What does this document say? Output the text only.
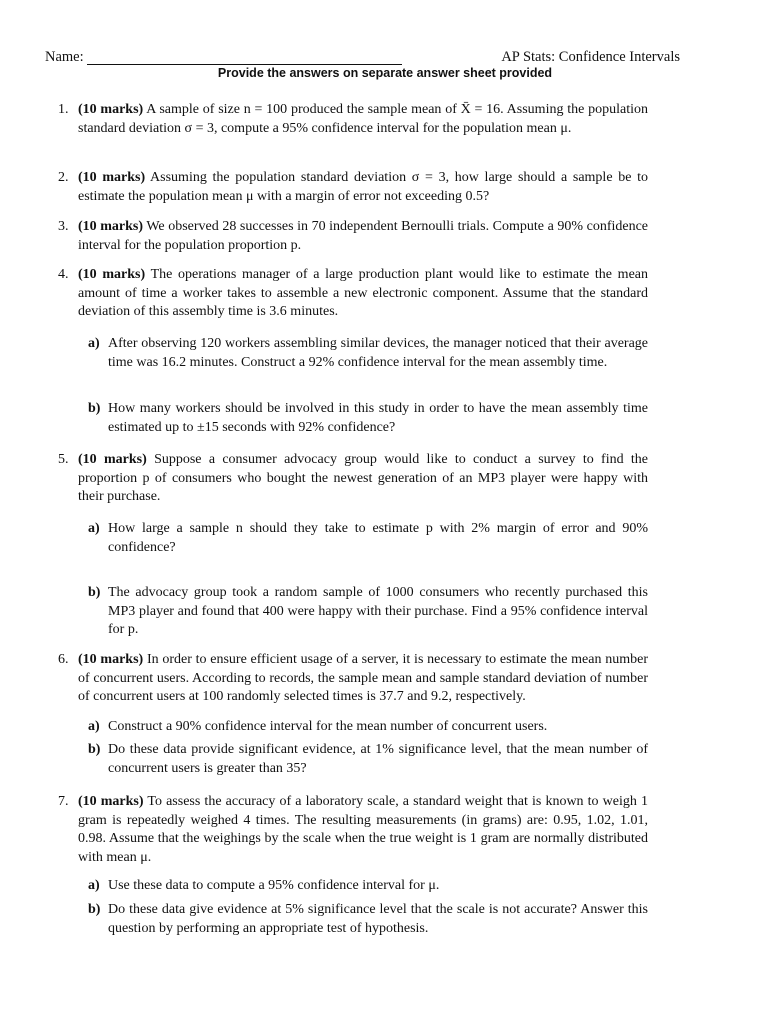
Name:	AP Stats: Confidence Intervals
Provide the answers on separate answer sheet provided
1. (10 marks) A sample of size n = 100 produced the sample mean of X̄ = 16. Assuming the population standard deviation σ = 3, compute a 95% confidence interval for the population mean μ.
2. (10 marks) Assuming the population standard deviation σ = 3, how large should a sample be to estimate the population mean μ with a margin of error not exceeding 0.5?
3. (10 marks) We observed 28 successes in 70 independent Bernoulli trials. Compute a 90% confidence interval for the population proportion p.
4. (10 marks) The operations manager of a large production plant would like to estimate the mean amount of time a worker takes to assemble a new electronic component. Assume that the standard deviation of this assembly time is 3.6 minutes.
a) After observing 120 workers assembling similar devices, the manager noticed that their average time was 16.2 minutes. Construct a 92% confidence interval for the mean assembly time.
b) How many workers should be involved in this study in order to have the mean assembly time estimated up to ±15 seconds with 92% confidence?
5. (10 marks) Suppose a consumer advocacy group would like to conduct a survey to find the proportion p of consumers who bought the newest generation of an MP3 player were happy with their purchase.
a) How large a sample n should they take to estimate p with 2% margin of error and 90% confidence?
b) The advocacy group took a random sample of 1000 consumers who recently purchased this MP3 player and found that 400 were happy with their purchase. Find a 95% confidence interval for p.
6. (10 marks) In order to ensure efficient usage of a server, it is necessary to estimate the mean number of concurrent users. According to records, the sample mean and sample standard deviation of number of concurrent users at 100 randomly selected times is 37.7 and 9.2, respectively.
a) Construct a 90% confidence interval for the mean number of concurrent users.
b) Do these data provide significant evidence, at 1% significance level, that the mean number of concurrent users is greater than 35?
7. (10 marks) To assess the accuracy of a laboratory scale, a standard weight that is known to weigh 1 gram is repeatedly weighed 4 times. The resulting measurements (in grams) are: 0.95, 1.02, 1.01, 0.98. Assume that the weighings by the scale when the true weight is 1 gram are normally distributed with mean μ.
a) Use these data to compute a 95% confidence interval for μ.
b) Do these data give evidence at 5% significance level that the scale is not accurate? Answer this question by performing an appropriate test of hypothesis.
